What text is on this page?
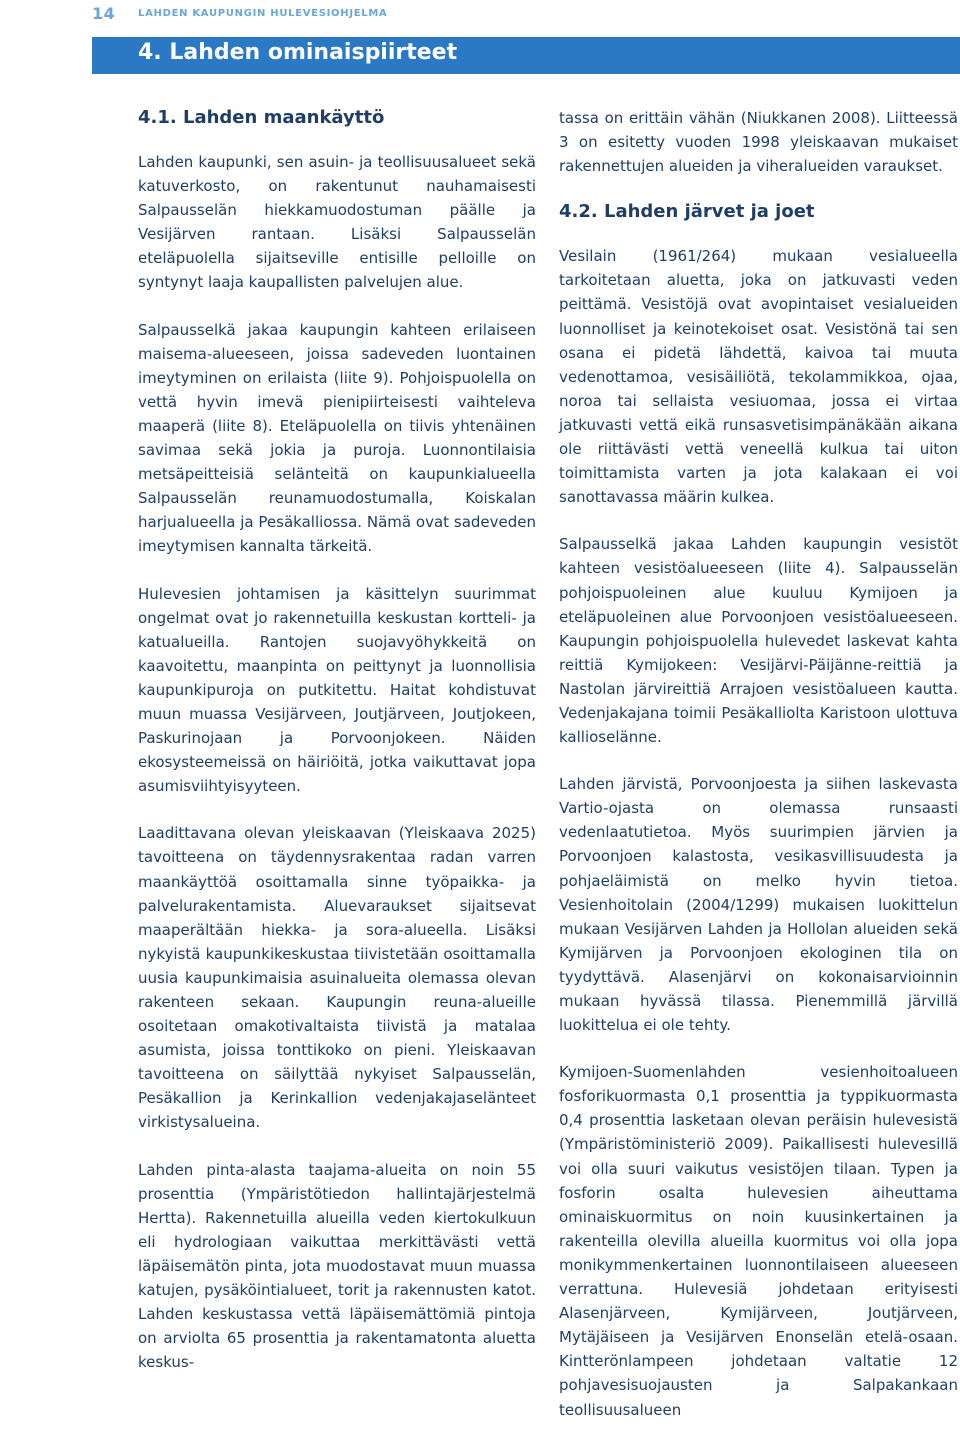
14 LAHDEN KAUPUNGIN HULEVESIOHJELMA
4. Lahden ominaispiirteet
4.1. Lahden maankäyttö

Lahden kaupunki, sen asuin- ja teollisuusalueet sekä katuverkosto, on rakentunut nauhamaisesti Salpausselän hiekkamuodostuman päälle ja Vesijärven rantaan. Lisäksi Salpausselän eteläpuolella sijaitseville entisille pelloille on syntynyt laaja kaupallisten palvelujen alue.

Salpausselkä jakaa kaupungin kahteen erilaiseen maisema-alueeseen, joissa sadeveden luontainen imeytyminen on erilaista (liite 9). Pohjoispuolella on vettä hyvin imevä pienipiirteisesti vaihteleva maaperä (liite 8). Eteläpuolella on tiivis yhtenäinen savimaa sekä jokia ja puroja. Luonnontilaisia metsäpeitteisiä selänteitä on kaupunkialueella Salpausselän reunamuodostumalla, Koiskalan harjualueella ja Pesäkalliossa. Nämä ovat sadeveden imeytymisen kannalta tärkeitä.

Hulevesien johtamisen ja käsittelyn suurimmat ongelmat ovat jo rakennetuilla keskustan kortteli- ja katualueilla. Rantojen suojavyöhykkeitä on kaavoitettu, maanpinta on peittynyt ja luonnollisia kaupunkipuroja on putkitettu. Haitat kohdistuvat muun muassa Vesijärveen, Joutjärveen, Joutjokeen, Paskurinojaan ja Porvoonjokeen. Näiden ekosysteemeissä on häiriöitä, jotka vaikuttavat jopa asumisviihtyisyyteen.

Laadittavana olevan yleiskaavan (Yleiskaava 2025) tavoitteena on täydennysrakentaa radan varren maankäyttöä osoittamalla sinne työpaikka- ja palvelurakentamista. Aluevaraukset sijaitsevat maaperältään hiekka- ja sora-alueella. Lisäksi nykyistä kaupunkikeskustaa tiivistetään osoittamalla uusia kaupunkimaisia asuinalueita olemassa olevan rakenteen sekaan. Kaupungin reuna-alueille osoitetaan omakotivaltaista tiivistä ja matalaa asumista, joissa tonttikoko on pieni. Yleiskaavan tavoitteena on säilyttää nykyiset Salpausselän, Pesäkallion ja Kerinkallion vedenjakajaselänteet virkistysalueina.

Lahden pinta-alasta taajama-alueita on noin 55 prosenttia (Ympäristötiedon hallintajärjestelmä Hertta). Rakennetuilla alueilla veden kiertokulkuun eli hydrologiaan vaikuttaa merkittävästi vettä läpäisemätön pinta, jota muodostavat muun muassa katujen, pysäköintialueet, torit ja rakennusten katot. Lahden keskustassa vettä läpäisemättömiä pintoja on arviolta 65 prosenttia ja rakentamatonta aluetta keskus-

tassa on erittäin vähän (Niukkanen 2008). Liitteessä 3 on esitetty vuoden 1998 yleiskaavan mukaiset rakennettujen alueiden ja viheralueiden varaukset.

4.2. Lahden järvet ja joet

Vesilain (1961/264) mukaan vesialueella tarkoitetaan aluetta, joka on jatkuvasti veden peittämä. Vesistöjä ovat avopintaiset vesialueiden luonnolliset ja keinotekoiset osat. Vesistönä tai sen osana ei pidetä lähdettä, kaivoa tai muuta vedenottamoa, vesisäiliötä, tekolammikkoa, ojaa, noroa tai sellaista vesiuomaa, jossa ei virtaa jatkuvasti vettä eikä runsasvetisimpänäkään aikana ole riittävästi vettä veneellä kulkua tai uiton toimittamista varten ja jota kalakaan ei voi sanottavassa määrin kulkea.

Salpausselkä jakaa Lahden kaupungin vesistöt kahteen vesistöalueeseen (liite 4). Salpausselän pohjoispuoleinen alue kuuluu Kymijoen ja eteläpuoleinen alue Porvoonjoen vesistöalueeseen. Kaupungin pohjoispuolella hulevedet laskevat kahta reittiä Kymijokeen: Vesijärvi-Päijänne-reittiä ja Nastolan järvireittiä Arrajoen vesistöalueen kautta. Vedenjakajana toimii Pesäkalliolta Karistoon ulottuva kallioselänne.

Lahden järvistä, Porvoonjoesta ja siihen laskevasta Vartio-ojasta on olemassa runsaasti vedenlaatutietoa. Myös suurimpien järvien ja Porvoonjoen kalastosta, vesikasvillisuudesta ja pohjaeläimistä on melko hyvin tietoa. Vesienhoitolain (2004/1299) mukaisen luokittelun mukaan Vesijärven Lahden ja Hollolan alueiden sekä Kymijärven ja Porvoonjoen ekologinen tila on tyydyttävä. Alasenjärvi on kokonaisarvioinnin mukaan hyvässä tilassa. Pienemmillä järvillä luokittelua ei ole tehty.

Kymijoen-Suomenlahden vesienhoitoalueen fosforikuormasta 0,1 prosenttia ja typpikuormasta 0,4 prosenttia lasketaan olevan peräisin hulevesistä (Ympäristöministeriö 2009). Paikallisesti hulevesillä voi olla suuri vaikutus vesistöjen tilaan. Typen ja fosforin osalta hulevesien aiheuttama ominaiskuormitus on noin kuusinkertainen ja rakenteilla olevilla alueilla kuormitus voi olla jopa monikymmenkertainen luonnontilaiseen alueeseen verrattuna. Hulevesiä johdetaan erityisesti Alasenjärveen, Kymijärveen, Joutjärveen, Mytäjäiseen ja Vesijärven Enonselän etelä-osaan. Kintterönlampeen johdetaan valtatie 12 pohjavesisuojausten ja Salpakankaan teollisuusalueen
